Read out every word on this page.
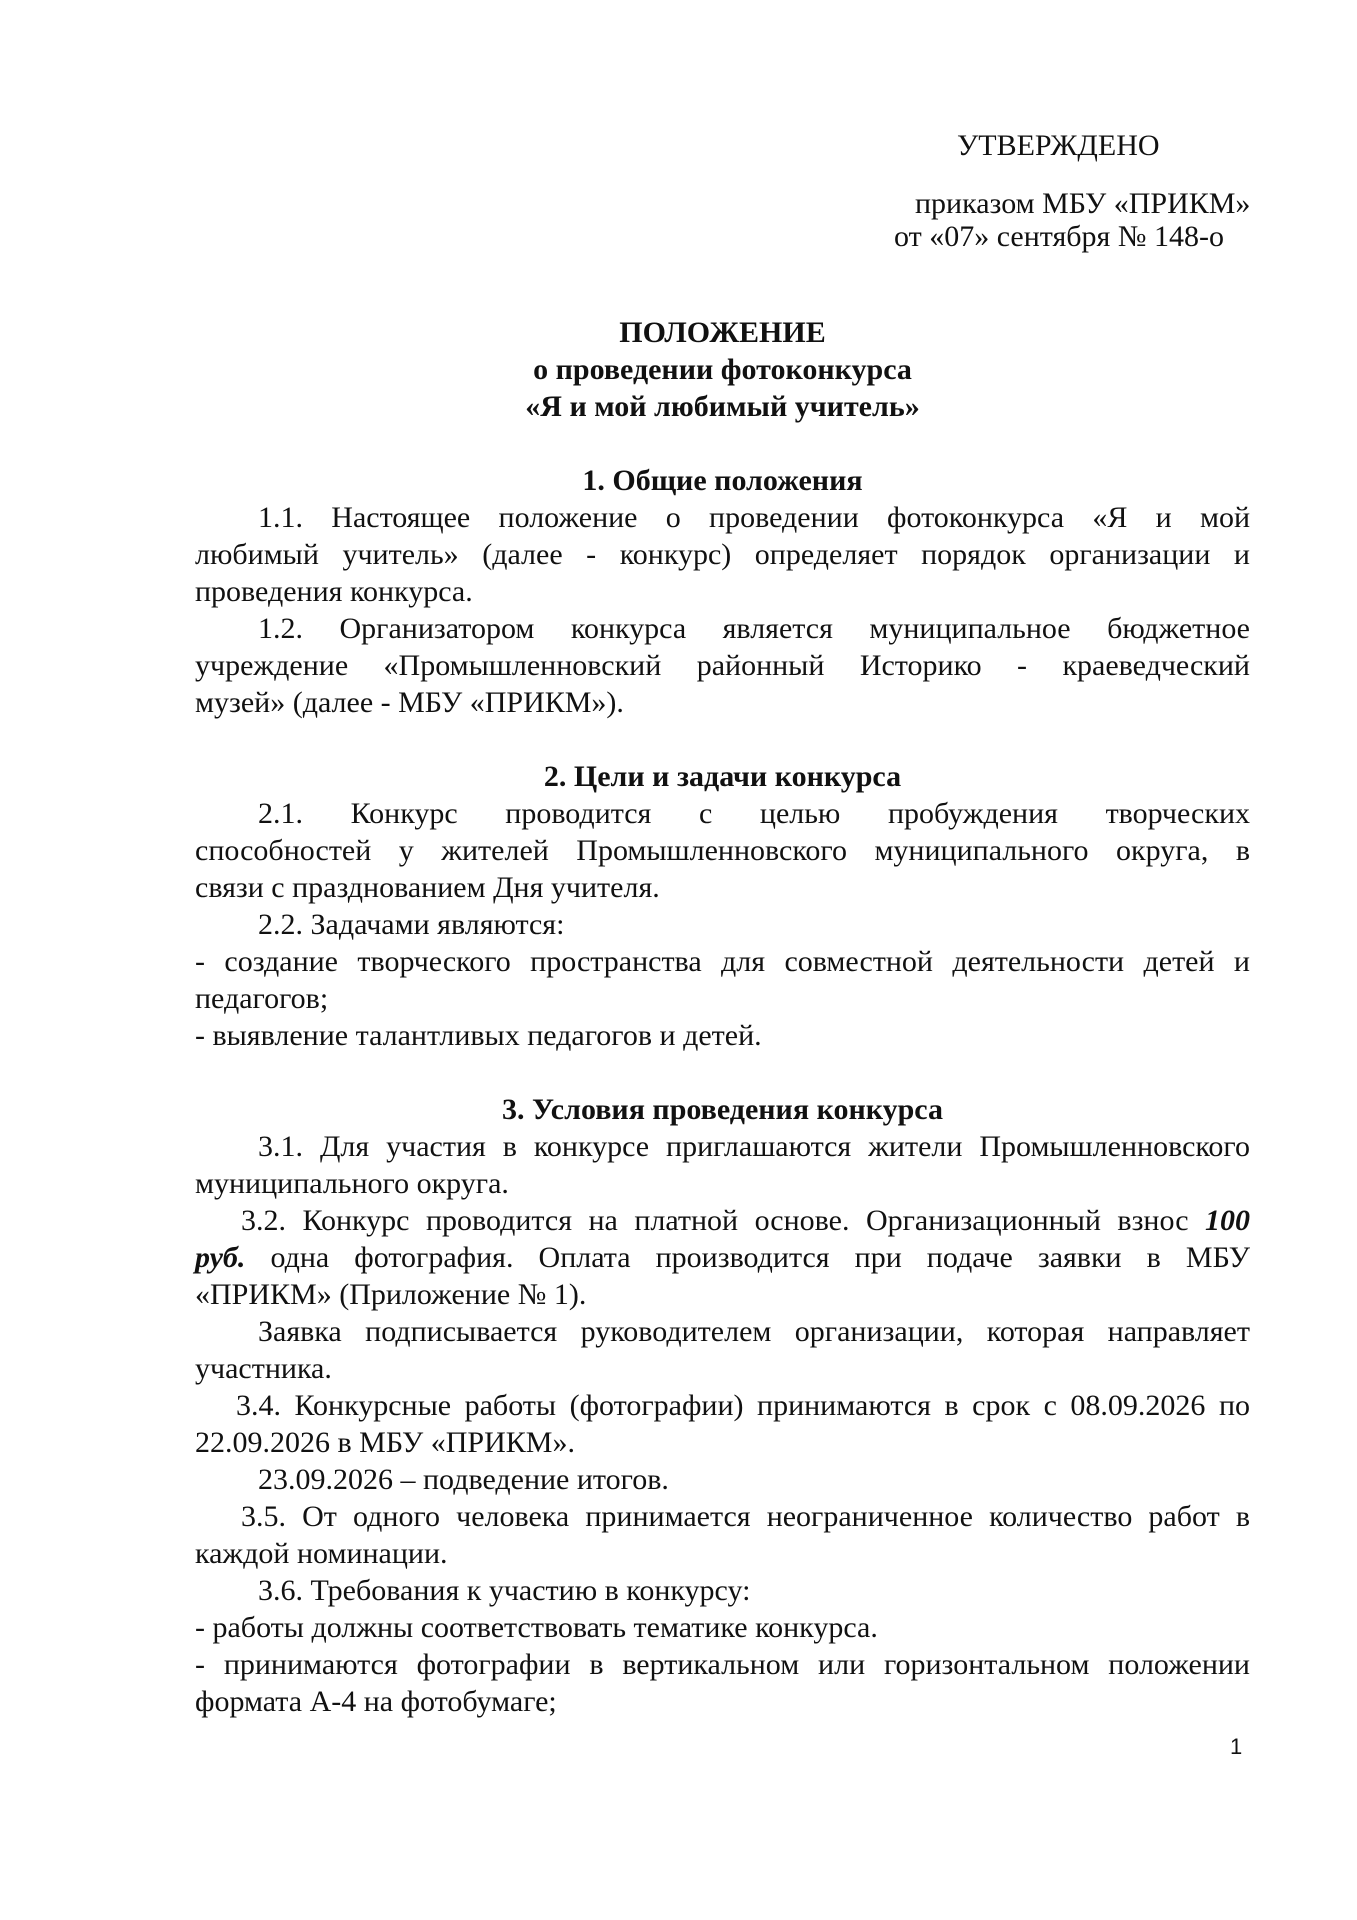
УТВЕРЖДЕНО

приказом МБУ «ПРИКМ»

от «07» сентября № 148-о

ПОЛОЖЕНИЕ

о проведении фотоконкурса

«Я и мой любимый учитель»

1. Общие положения

1.1. Настоящее положение о проведении фотоконкурса «Я и мой

любимый учитель» (далее - конкурс) определяет порядок организации и

проведения конкурса.

1.2. Организатором конкурса является муниципальное бюджетное

учреждение «Промышленновский районный Историко - краеведческий

музей» (далее - МБУ «ПРИКМ»).

2. Цели и задачи конкурса

2.1. Конкурс проводится с целью пробуждения творческих

способностей у жителей Промышленновского муниципального округа, в

связи с празднованием Дня учителя.

2.2. Задачами являются:

- создание творческого пространства для совместной деятельности детей и

педагогов;

- выявление талантливых педагогов и детей.

3. Условия проведения конкурса

3.1. Для участия в конкурсе приглашаются жители Промышленновского

муниципального округа.

3.2. Конкурс проводится на платной основе. Организационный взнос 100

руб. одна фотография. Оплата производится при подаче заявки в МБУ

«ПРИКМ» (Приложение № 1).

Заявка подписывается руководителем организации, которая направляет

участника.

3.4. Конкурсные работы (фотографии) принимаются в срок с 08.09.2026 по

22.09.2026 в МБУ «ПРИКМ».

23.09.2026 – подведение итогов.

3.5. От одного человека принимается неограниченное количество работ в

каждой номинации.

3.6. Требования к участию в конкурсу:

- работы должны соответствовать тематике конкурса.

- принимаются фотографии в вертикальном или горизонтальном положении

формата А-4 на фотобумаге;

1
